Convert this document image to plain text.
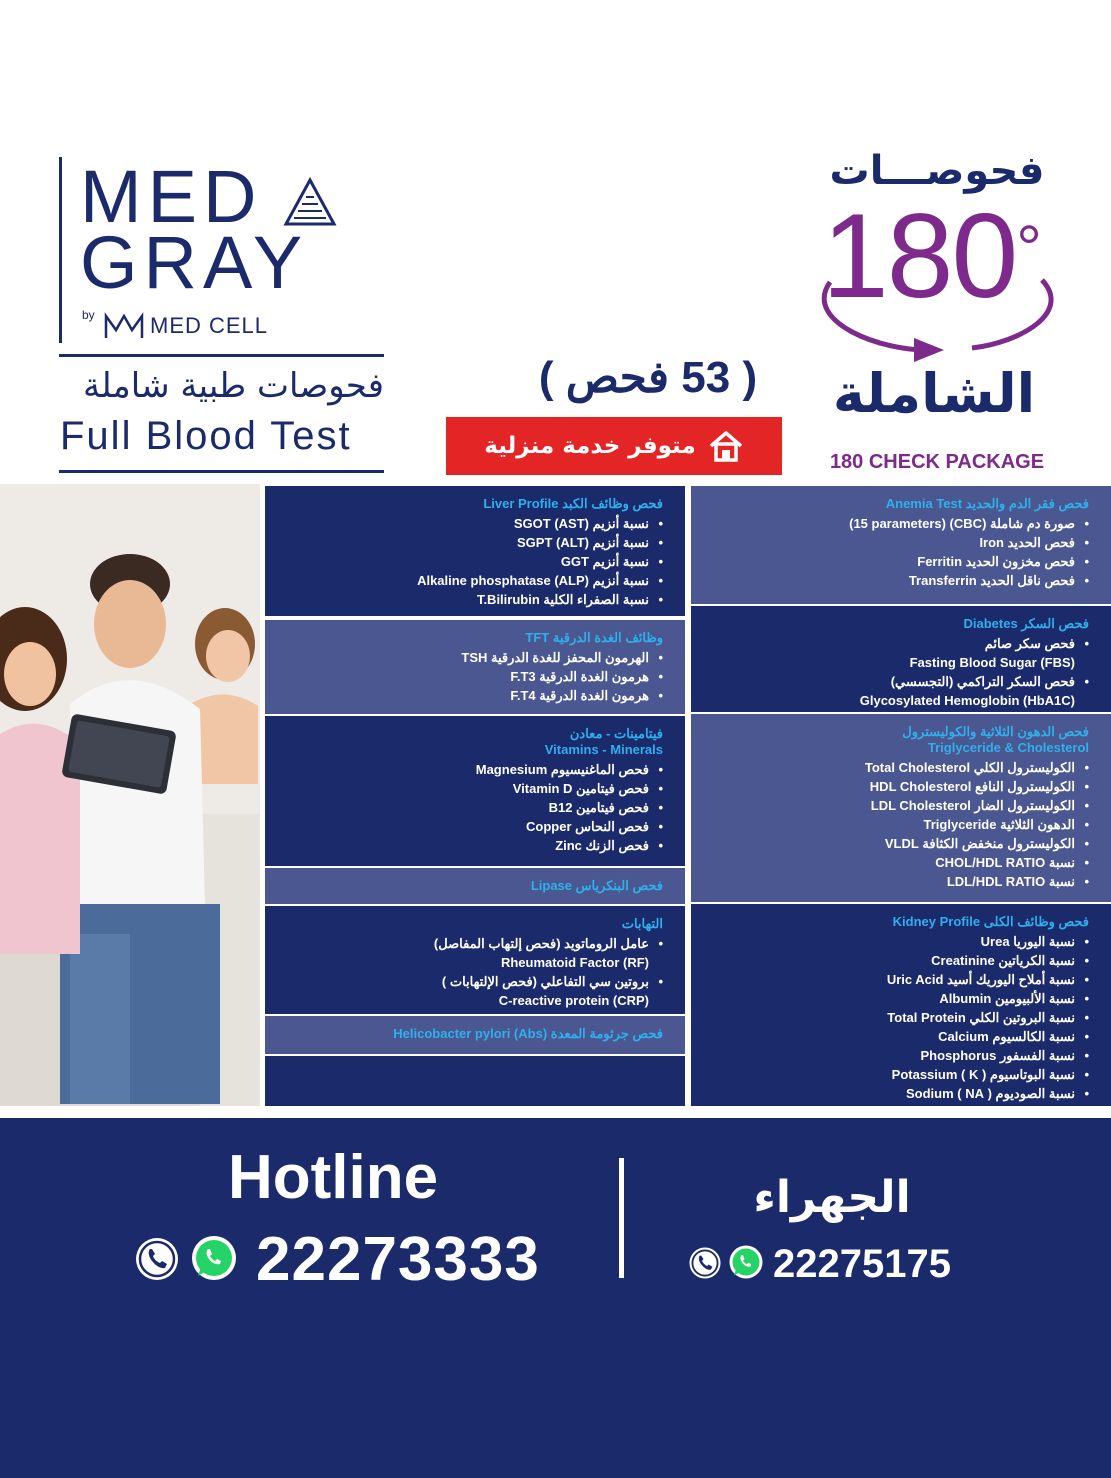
MED
GRAY
by	MED CELL
فحوصات طبية شاملة
Full Blood Test
( 53 فحص )
متوفر خدمة منزلية
فحوصـــات
180°
الشاملة
180 CHECK PACKAGE
فحص وظائف الكبد Liver Profile
• نسبة أنزيم (SGOT (AST
• نسبة أنزيم (SGPT (ALT
• نسبة أنزيم GGT
• نسبة أنزيم (Alkaline phosphatase (ALP
• نسبة الصفراء الكلية T.Bilirubin
وظائف الغدة الدرقية TFT
• الهرمون المحفز للغدة الدرقية TSH
• هرمون الغدة الدرقية F.T3
• هرمون الغدة الدرقية F.T4
فيتامينات - معادن
Vitamins - Minerals
• فحص الماغنيسيوم Magnesium
• فحص فيتامين Vitamin D
• فحص فيتامين B12
• فحص النحاس Copper
• فحص الزنك Zinc
فحص البنكرياس Lipase
التهابات
• عامل الروماتويد (فحص إلتهاب المفاصل)
Rheumatoid Factor (RF)
• بروتين سي التفاعلي (فحص الإلتهابات )
C-reactive protein (CRP)
فحص جرثومة المعدة Helicobacter pylori (Abs)
فحص فقر الدم والحديد Anemia Test
• صورة دم شاملة (CBC) (15 parameters)
• فحص الحديد Iron
• فحص مخزون الحديد Ferritin
• فحص ناقل الحديد Transferrin
فحص السكر Diabetes
• فحص سكر صائم
Fasting Blood Sugar (FBS)
• فحص السكر التراكمي (التجسسي)
Glycosylated Hemoglobin (HbA1C)
فحص الدهون الثلاثية والكوليسترول
Triglyceride & Cholesterol
• الكوليسترول الكلي Total Cholesterol
• الكوليسترول النافع HDL Cholesterol
• الكوليسترول الضار LDL Cholesterol
• الدهون الثلاثية Triglyceride
• الكوليسترول منخفض الكثافة VLDL
• نسبة CHOL/HDL RATIO
• نسبة LDL/HDL RATIO
فحص وظائف الكلى Kidney Profile
• نسبة اليوريا Urea
• نسبة الكرياتين Creatinine
• نسبة أملاح اليوريك أسيد Uric Acid
• نسبة الألبيومين Albumin
• نسبة البروتين الكلي Total Protein
• نسبة الكالسيوم Calcium
• نسبة الفسفور Phosphorus
• نسبة البوتاسيوم ( Potassium ( K
• نسبة الصوديوم ( Sodium ( NA
Hotline
22273333
الجهراء
22275175
